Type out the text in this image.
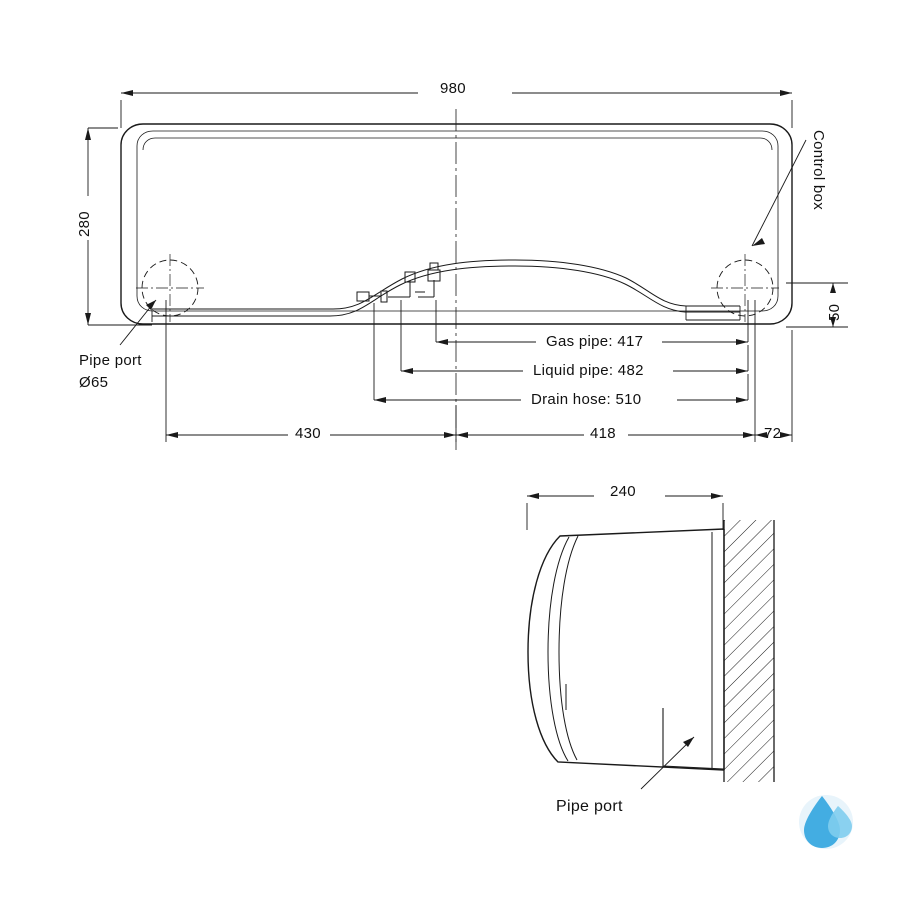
980
280
50
Control box
Pipe port
Ø65
Gas pipe: 417
Liquid pipe: 482
Drain hose: 510
430	418	72
240
Pipe port
